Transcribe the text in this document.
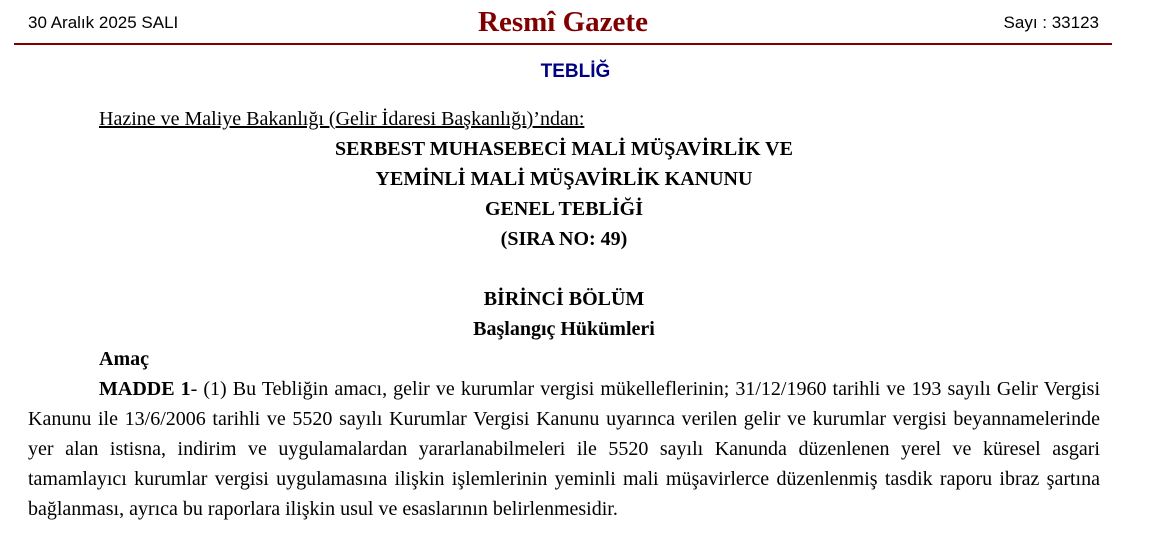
30 Aralık 2025 SALI	Resmî Gazete	Sayı : 33123
TEBLİĞ
Hazine ve Maliye Bakanlığı (Gelir İdaresi Başkanlığı)’ndan:
SERBEST MUHASEBECİ MALİ MÜŞAVİRLİK VE
YEMİNLİ MALİ MÜŞAVİRLİK KANUNU
GENEL TEBLİĞİ
(SIRA NO: 49)
BİRİNCİ BÖLÜM
Başlangıç Hükümleri
Amaç

MADDE 1- (1) Bu Tebliğin amacı, gelir ve kurumlar vergisi mükelleflerinin; 31/12/1960 tarihli ve 193 sayılı Gelir Vergisi Kanunu ile 13/6/2006 tarihli ve 5520 sayılı Kurumlar Vergisi Kanunu uyarınca verilen gelir ve kurumlar vergisi beyannamelerinde yer alan istisna, indirim ve uygulamalardan yararlanabilmeleri ile 5520 sayılı Kanunda düzenlenen yerel ve küresel asgari tamamlayıcı kurumlar vergisi uygulamasına ilişkin işlemlerinin yeminli mali müşavirlerce düzenlenmiş tasdik raporu ibraz şartına bağlanması, ayrıca bu raporlara ilişkin usul ve esaslarının belirlenmesidir.
